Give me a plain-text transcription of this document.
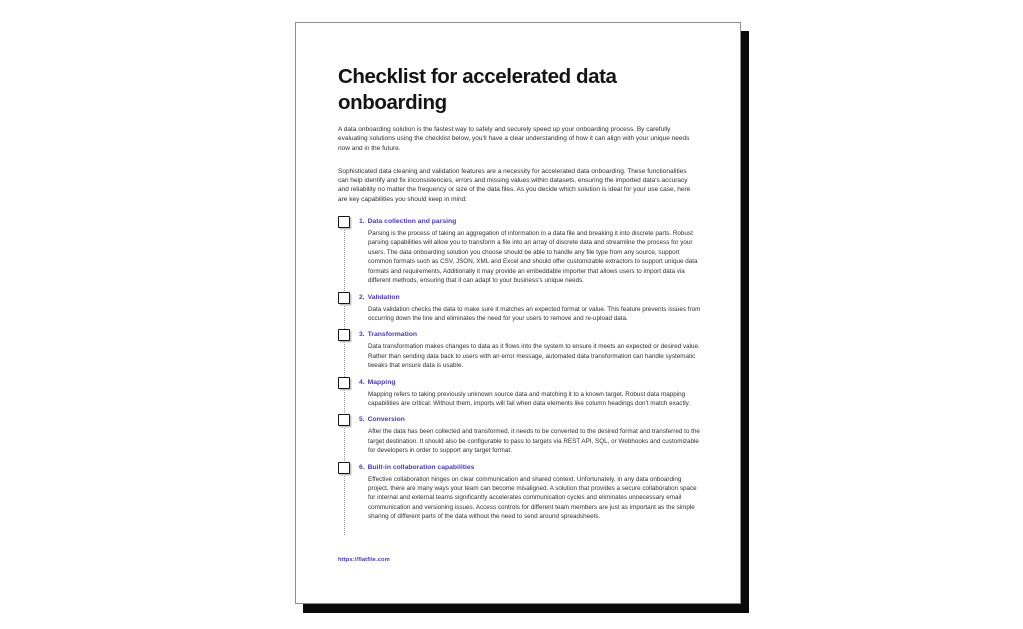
Checklist for accelerated data onboarding

A data onboarding solution is the fastest way to safely and securely speed up your onboarding process. By carefully evaluating solutions using the checklist below, you'll have a clear understanding of how it can align with your unique needs now and in the future.

Sophisticated data cleaning and validation features are a necessity for accelerated data onboarding. These functionalities can help identify and fix inconsistencies, errors and missing values within datasets, ensuring the imported data's accuracy and reliability no matter the frequency or size of the data files. As you decide which solution is ideal for your use case, here are key capabilities you should keep in mind:

1. Data collection and parsing
Parsing is the process of taking an aggregation of information in a data file and breaking it into discrete parts. Robust parsing capabilities will allow you to transform a file into an array of discrete data and streamline the process for your users. The data onboarding solution you choose should be able to handle any file type from any source, support common formats such as CSV, JSON, XML and Excel and should offer customizable extractors to support unique data formats and requirements, Additionally it may provide an embeddable importer that allows users to import data via different methods, ensuring that it can adapt to your business's unique needs.
2. Validation
Data validation checks the data to make sure it matches an expected format or value. This feature prevents issues from occurring down the line and eliminates the need for your users to remove and re-upload data.
3. Transformation
Data transformation makes changes to data as it flows into the system to ensure it meets an expected or desired value. Rather than sending data back to users with an error message, automated data transformation can handle systematic tweaks that ensure data is usable.
4. Mapping
Mapping refers to taking previously unknown source data and matching it to a known target. Robust data mapping capabilities are critical: Without them, imports will fail when data elements like column headings don't match exactly.
5. Conversion
After the data has been collected and transformed, it needs to be converted to the desired format and transferred to the target destination. It should also be configurable to pass to targets via REST API, SQL, or Webhooks and customizable for developers in order to support any target format.
6. Built-in collaboration capabilities
Effective collaboration hinges on clear communication and shared context. Unfortunately, in any data onboarding project, there are many ways your team can become misaligned. A solution that provides a secure collaboration space for internal and external teams significantly accelerates communication cycles and eliminates unnecessary email communication and versioning issues. Access controls for different team members are just as important as the simple sharing of different parts of the data without the need to send around spreadsheets.
https://flatfile.com
